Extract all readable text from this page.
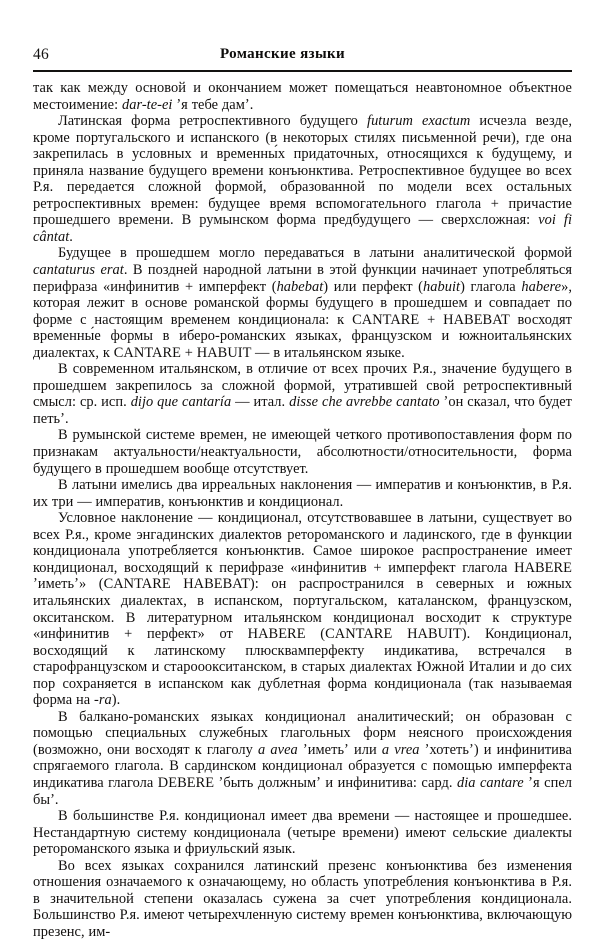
46	Романские языки

так как между основой и окончанием может помещаться неавтономное объектное местоимение: dar-te-ei ʼя тебе дамʼ.

Латинская форма ретроспективного будущего futurum exactum исчезла везде, кроме португальского и испанского (в некоторых стилях письменной речи), где она закрепилась в условных и временны́х придаточных, относящихся к будущему, и приняла название будущего времени конъюнктива. Ретроспективное будущее во всех Р.я. передается сложной формой, образованной по модели всех остальных ретроспективных времен: будущее время вспомогательного глагола + причастие прошедшего времени. В румынском форма предбудущего — сверхсложная: voi fi cântat.

Будущее в прошедшем могло передаваться в латыни аналитической формой cantaturus erat. В поздней народной латыни в этой функции начинает употребляться перифраза «инфинитив + имперфект (habebat) или перфект (habuit) глагола habere», которая лежит в основе романской формы будущего в прошедшем и совпадает по форме с настоящим временем кондиционала: к CANTARE + HABEBAT восходят временны́е формы в иберо-романских языках, французском и южноитальянских диалектах, к CANTARE + HABUIT — в итальянском языке.

В современном итальянском, в отличие от всех прочих Р.я., значение будущего в прошедшем закрепилось за сложной формой, утратившей свой ретроспективный смысл: ср. исп. dijo que cantaría — итал. disse che avrebbe cantato ʼон сказал, что будет петьʼ.

В румынской системе времен, не имеющей четкого противопоставления форм по признакам актуальности/неактуальности, абсолютности/относительности, форма будущего в прошедшем вообще отсутствует.

В латыни имелись два ирреальных наклонения — императив и конъюнктив, в Р.я. их три — императив, конъюнктив и кондиционал.

Условное наклонение — кондиционал, отсутствовавшее в латыни, существует во всех Р.я., кроме энгадинских диалектов ретороманского и ладинского, где в функции кондиционала употребляется конъюнктив. Самое широкое распространение имеет кондиционал, восходящий к перифразе «инфинитив + имперфект глагола HABERE ʼиметьʼ» (CANTARE HABEBAT): он распространился в северных и южных итальянских диалектах, в испанском, португальском, каталанском, французском, окситанском. В литературном итальянском кондиционал восходит к структуре «инфинитив + перфект» от HABERE (CANTARE HABUIT). Кондиционал, восходящий к латинскому плюсквамперфекту индикатива, встречался в старофранцузском и старооокситанском, в старых диалектах Южной Италии и до сих пор сохраняется в испанском как дублетная форма кондиционала (так называемая форма на -ra).

В балкано-романских языках кондиционал аналитический; он образован с помощью специальных служебных глагольных форм неясного происхождения (возможно, они восходят к глаголу a avea ʼиметьʼ или a vrea ʼхотетьʼ) и инфинитива спрягаемого глагола. В сардинском кондиционал образуется с помощью имперфекта индикатива глагола DEBERE ʼбыть должнымʼ и инфинитива: сард. dia cantare ʼя спел быʼ.

В большинстве Р.я. кондиционал имеет два времени — настоящее и прошедшее. Нестандартную систему кондиционала (четыре времени) имеют сельские диалекты ретороманского языка и фриульский язык.

Во всех языках сохранился латинский презенс конъюнктива без изменения отношения означаемого к означающему, но область употребления конъюнктива в Р.я. в значительной степени оказалась сужена за счет употребления кондиционала. Большинство Р.я. имеют четырехчленную систему времен конъюнктива, включающую презенс, им-
